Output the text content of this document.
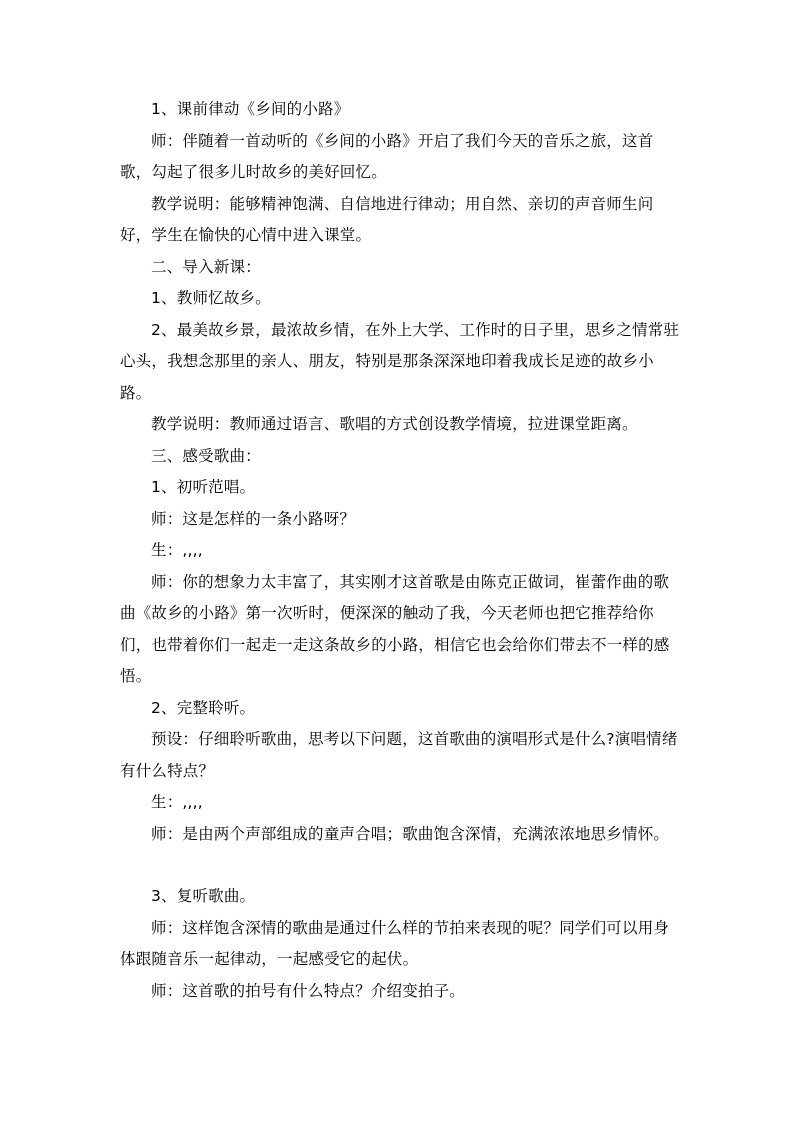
1、课前律动《乡间的小路》

师：伴随着一首动听的《乡间的小路》开启了我们今天的音乐之旅，这首歌，勾起了很多儿时故乡的美好回忆。

教学说明：能够精神饱满、自信地进行律动；用自然、亲切的声音师生问好，学生在愉快的心情中进入课堂。

二、导入新课：

1、教师忆故乡。

2、最美故乡景，最浓故乡情，在外上大学、工作时的日子里，思乡之情常驻心头，我想念那里的亲人、朋友，特别是那条深深地印着我成长足迹的故乡小路。

教学说明：教师通过语言、歌唱的方式创设教学情境，拉进课堂距离。

三、感受歌曲：

1、初听范唱。

师：这是怎样的一条小路呀？

生：,,,,

师：你的想象力太丰富了，其实刚才这首歌是由陈克正做词，崔蕾作曲的歌曲《故乡的小路》第一次听时，便深深的触动了我，今天老师也把它推荐给你们，也带着你们一起走一走这条故乡的小路，相信它也会给你们带去不一样的感悟。

2、完整聆听。

预设：仔细聆听歌曲，思考以下问题，这首歌曲的演唱形式是什么?演唱情绪有什么特点？

生：,,,,

师：是由两个声部组成的童声合唱；歌曲饱含深情，充满浓浓地思乡情怀。

3、复听歌曲。

师：这样饱含深情的歌曲是通过什么样的节拍来表现的呢？同学们可以用身体跟随音乐一起律动，一起感受它的起伏。

师：这首歌的拍号有什么特点？介绍变拍子。
